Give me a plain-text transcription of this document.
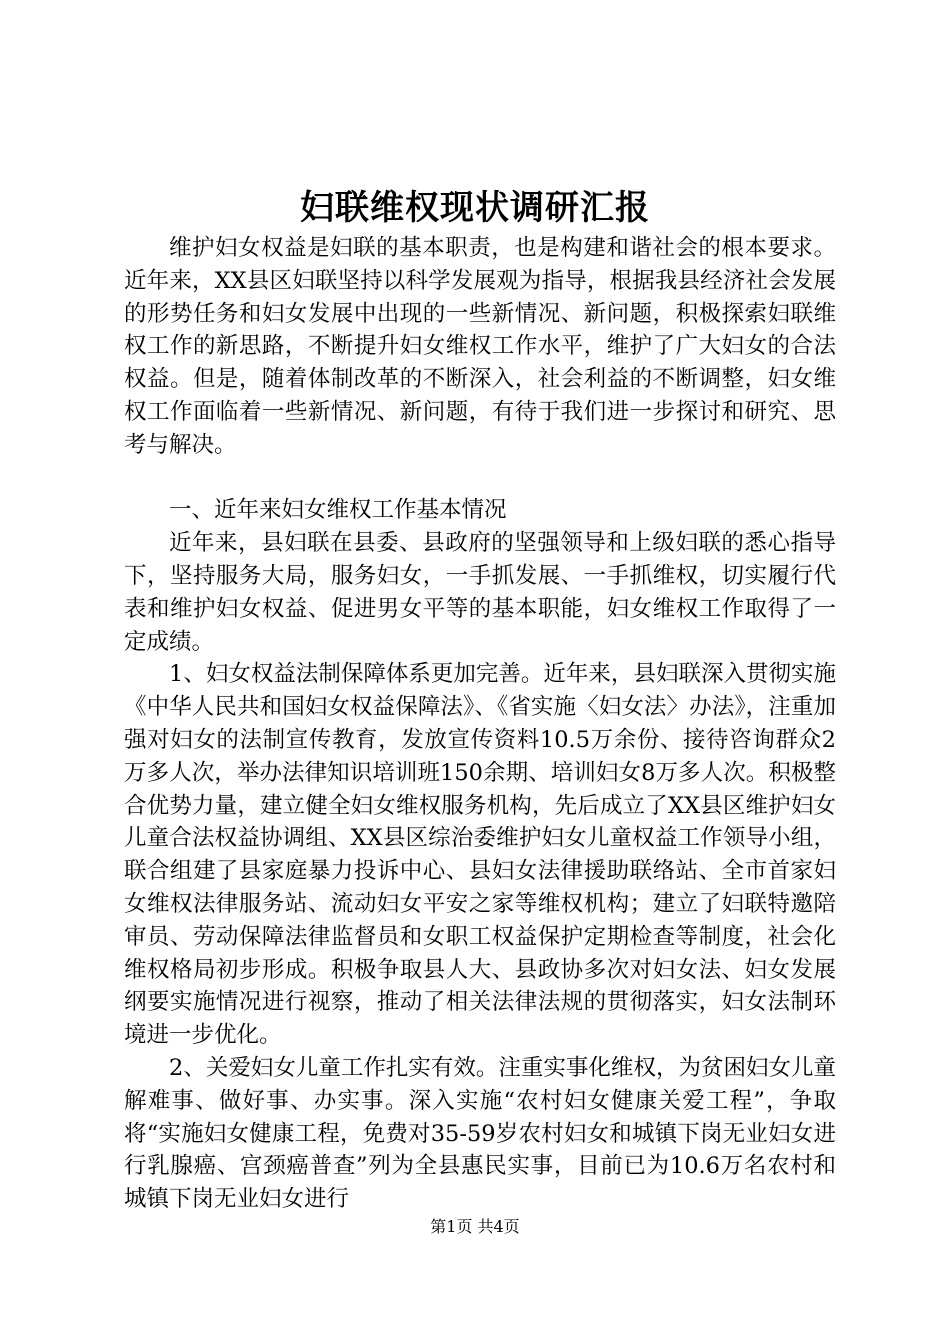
妇联维权现状调研汇报

维护妇女权益是妇联的基本职责，也是构建和谐社会的根本要求。近年来，XX县区妇联坚持以科学发展观为指导，根据我县经济社会发展的形势任务和妇女发展中出现的一些新情况、新问题，积极探索妇联维权工作的新思路，不断提升妇女维权工作水平，维护了广大妇女的合法权益。但是，随着体制改革的不断深入，社会利益的不断调整，妇女维权工作面临着一些新情况、新问题，有待于我们进一步探讨和研究、思考与解决。

一、近年来妇女维权工作基本情况

近年来，县妇联在县委、县政府的坚强领导和上级妇联的悉心指导下，坚持服务大局，服务妇女，一手抓发展、一手抓维权，切实履行代表和维护妇女权益、促进男女平等的基本职能，妇女维权工作取得了一定成绩。

1、妇女权益法制保障体系更加完善。近年来，县妇联深入贯彻实施《中华人民共和国妇女权益保障法》、《省实施〈妇女法〉办法》，注重加强对妇女的法制宣传教育，发放宣传资料10.5万余份、接待咨询群众2万多人次，举办法律知识培训班150余期、培训妇女8万多人次。积极整合优势力量，建立健全妇女维权服务机构，先后成立了XX县区维护妇女儿童合法权益协调组、XX县区综治委维护妇女儿童权益工作领导小组，联合组建了县家庭暴力投诉中心、县妇女法律援助联络站、全市首家妇女维权法律服务站、流动妇女平安之家等维权机构；建立了妇联特邀陪审员、劳动保障法律监督员和女职工权益保护定期检查等制度，社会化维权格局初步形成。积极争取县人大、县政协多次对妇女法、妇女发展纲要实施情况进行视察，推动了相关法律法规的贯彻落实，妇女法制环境进一步优化。

2、关爱妇女儿童工作扎实有效。注重实事化维权，为贫困妇女儿童解难事、做好事、办实事。深入实施“农村妇女健康关爱工程”，争取将“实施妇女健康工程，免费对35-59岁农村妇女和城镇下岗无业妇女进行乳腺癌、宫颈癌普查”列为全县惠民实事，目前已为10.6万名农村和城镇下岗无业妇女进行

第1页 共4页
